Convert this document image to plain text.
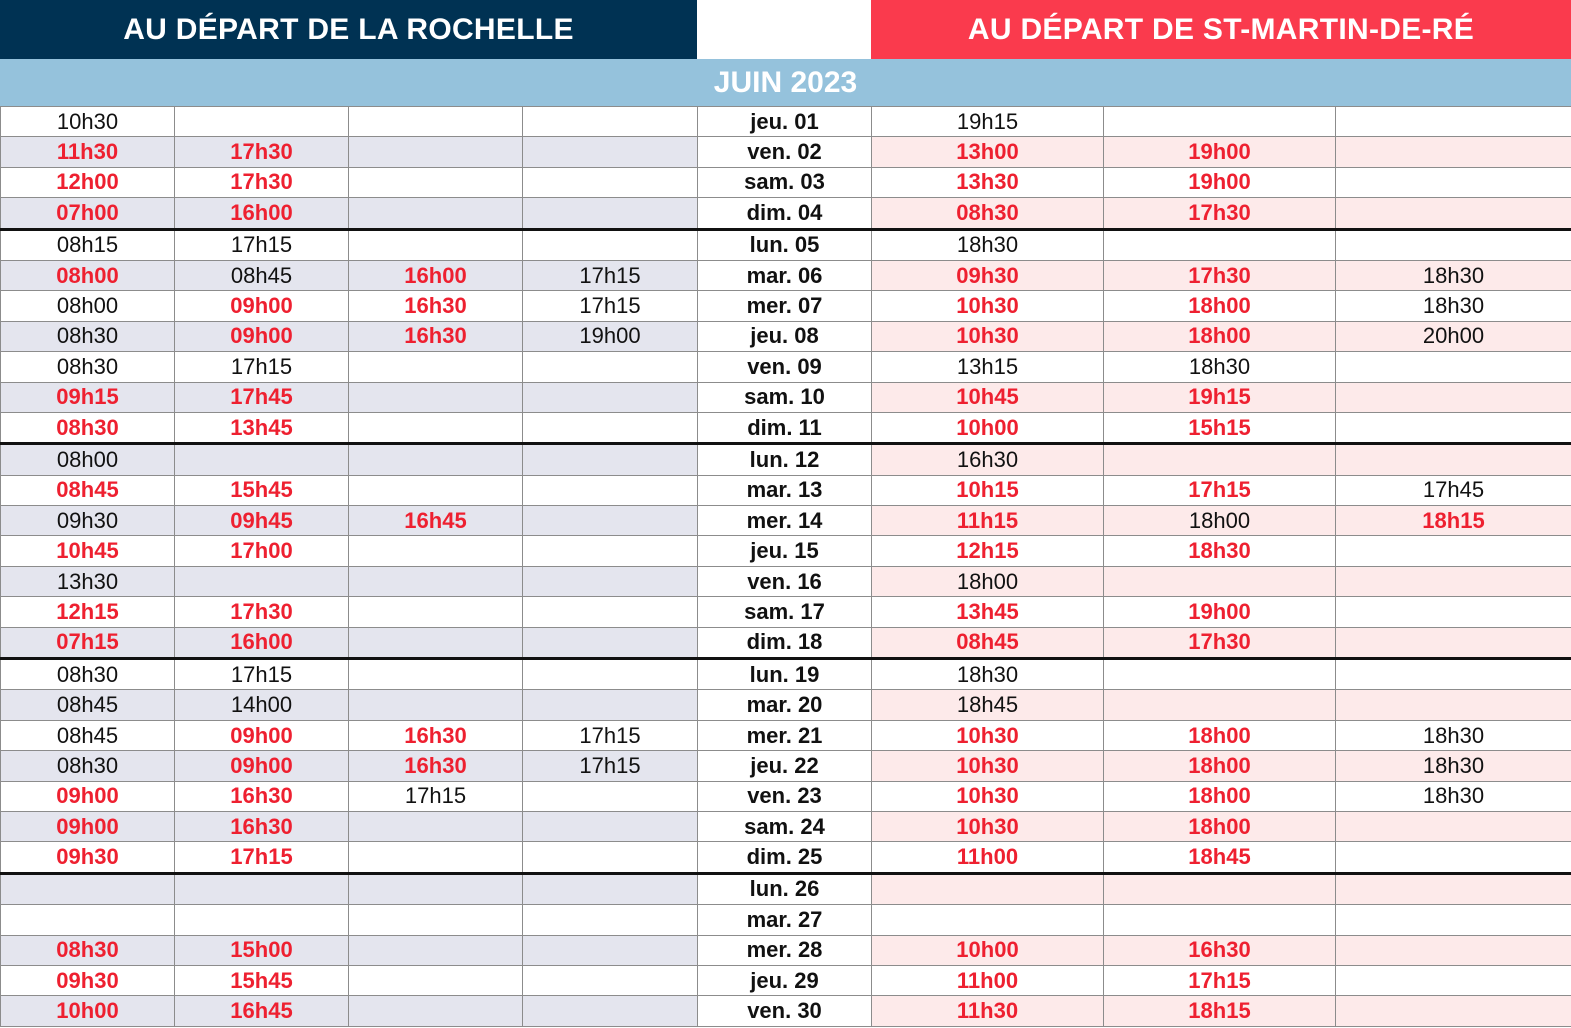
AU DÉPART DE LA ROCHELLE	AU DÉPART DE ST-MARTIN-DE-RÉ
JUIN 2023
10h30				jeu. 01	19h15		
11h30	17h30			ven. 02	13h00	19h00	
12h00	17h30			sam. 03	13h30	19h00	
07h00	16h00			dim. 04	08h30	17h30	
08h15	17h15			lun. 05	18h30		
08h00	08h45	16h00	17h15	mar. 06	09h30	17h30	18h30
08h00	09h00	16h30	17h15	mer. 07	10h30	18h00	18h30
08h30	09h00	16h30	19h00	jeu. 08	10h30	18h00	20h00
08h30	17h15			ven. 09	13h15	18h30	
09h15	17h45			sam. 10	10h45	19h15	
08h30	13h45			dim. 11	10h00	15h15	
08h00				lun. 12	16h30		
08h45	15h45			mar. 13	10h15	17h15	17h45
09h30	09h45	16h45		mer. 14	11h15	18h00	18h15
10h45	17h00			jeu. 15	12h15	18h30	
13h30				ven. 16	18h00		
12h15	17h30			sam. 17	13h45	19h00	
07h15	16h00			dim. 18	08h45	17h30	
08h30	17h15			lun. 19	18h30		
08h45	14h00			mar. 20	18h45		
08h45	09h00	16h30	17h15	mer. 21	10h30	18h00	18h30
08h30	09h00	16h30	17h15	jeu. 22	10h30	18h00	18h30
09h00	16h30	17h15		ven. 23	10h30	18h00	18h30
09h00	16h30			sam. 24	10h30	18h00	
09h30	17h15			dim. 25	11h00	18h45	
				lun. 26			
				mar. 27			
08h30	15h00			mer. 28	10h00	16h30	
09h30	15h45			jeu. 29	11h00	17h15	
10h00	16h45			ven. 30	11h30	18h15	
